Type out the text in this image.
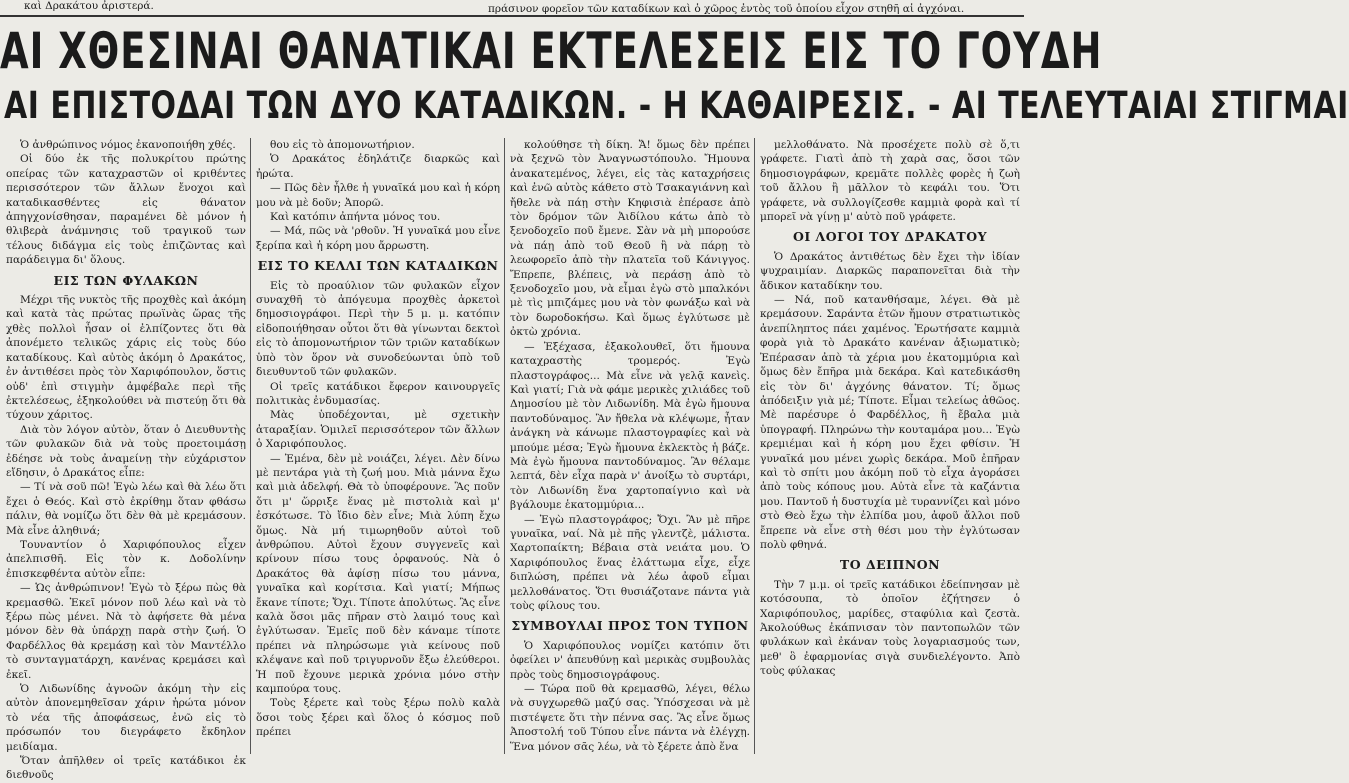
καὶ Δρακάτου ἀριστερά.	πράσινον φορεῖον τῶν καταδίκων καὶ ὁ χῶρος ἐντὸς τοῦ ὁποίου εἶχον στηθῆ αἱ ἀγχόναι.
ΑΙ ΧΘΕΣΙΝΑΙ ΘΑΝΑΤΙΚΑΙ ΕΚΤΕΛΕΣΕΙΣ ΕΙΣ ΤΟ ΓΟΥΔΗ
ΑΙ ΕΠΙΣΤΟΔΑΙ ΤΩΝ ΔΥΟ ΚΑΤΑΔΙΚΩΝ. - Η ΚΑΘΑΙΡΕΣΙΣ. - ΑΙ ΤΕΛΕΥΤΑΙΑΙ ΣΤΙΓΜΑΙ

Ὁ ἀνθρώπινος νόμος ἐκανοποιήθη χθές.

Οἱ δύο ἐκ τῆς πολυκρίτου πρώτης οπείρας τῶν καταχραστῶν οἱ κριθέντες περισσότερον τῶν ἄλλων ἔνοχοι καὶ καταδικασθέντες εἰς θάνατον ἀπηγχονίσθησαν, παραμένει δὲ μόνον ἡ θλιβερὰ ἀνάμνησις τοῦ τραγικοῦ των τέλους διδάγμα εἰς τοὺς ἐπιζῶντας καὶ παράδειγμα δι' ὅλους.

ΕΙΣ ΤΩΝ ΦΥΛΑΚΩΝ

Μέχρι τῆς νυκτὸς τῆς προχθὲς καὶ ἀκόμη καὶ κατὰ τὰς πρώτας πρωϊνὰς ὥρας τῆς χθὲς πολλοὶ ἦσαν οἱ ἐλπίζοντες ὅτι θὰ ἀπονέμετο τελικῶς χάρις εἰς τοὺς δύο καταδίκους. Καὶ αὐτὸς ἀκόμη ὁ Δρακάτος, ἐν ἀντιθέσει πρὸς τὸν Χαριφόπουλον, ὅστις οὐδ' ἐπὶ στιγμὴν ἀμφέβαλε περὶ τῆς ἐκτελέσεως, ἐξηκολούθει νὰ πιστεύῃ ὅτι θὰ τύχουν χάριτος.

Διὰ τὸν λόγον αὐτὸν, ὅταν ὁ Διευθυντὴς τῶν φυλακῶν διὰ νὰ τοὺς προετοιμάσῃ ἐδέησε νὰ τοὺς ἀναμείνῃ τὴν εὐχάριστον εἴδησιν, ὁ Δρακάτος εἶπε:

— Τί νὰ σοῦ πῶ! Ἐγὼ λέω καὶ θὰ λέω ὅτι ἔχει ὁ Θεός. Καὶ στὸ ἐκρίθημ ὅταν φθάσω πάλιν, θὰ νομίζω ὅτι δὲν θὰ μὲ κρεμάσουν. Μὰ εἶνε ἀληθινά;

Τουναντίον ὁ Χαριφόπουλος εἶχεν ἀπελπισθῆ. Εἰς τὸν κ. Δοδολίνην ἐπισκεφθέντα αὐτὸν εἶπε:

— Ὡς ἀνθρώπινον! Ἐγὼ τὸ ξέρω πὼς θὰ κρεμασθῶ. Ἐκεῖ μόνον ποῦ λέω καὶ νὰ τὸ ξέρω πὼς μένει. Νὰ τὸ ἀφήσετε θὰ μένα μόνον δὲν θὰ ὑπάρχῃ παρὰ στὴν ζωή. Ὁ Φαρδέλλος θὰ κρεμάσῃ καὶ τὸν Μαντέλλο τὸ συνταγματάρχη, κανένας κρεμάσει καὶ ἐκεῖ.

Ὁ Λιδωνίδης ἀγνοῶν ἀκόμη τὴν εἰς αὐτὸν ἀπονεμηθεῖσαν χάριν ἠρώτα μόνον τὸ νέα τῆς ἀποφάσεως, ἐνῶ εἰς τὸ πρόσωπόν του διεγράφετο ἔκδηλον μειδίαμα.

Ὅταν ἀπῆλθεν οἱ τρεῖς κατάδικοι ἐκ διεθνοῦς

θου εἰς τὸ ἀπομονωτήριον.

Ὁ Δρακάτος ἐδηλάτιζε διαρκῶς καὶ ἠρώτα.

— Πῶς δὲν ἦλθε ἡ γυναῖκά μου καὶ ἡ κόρη μου νὰ μὲ δοῦν; Ἀπορῶ.

Καὶ κατόπιν ἀπήντα μόνος του.

— Μά, πῶς νὰ 'ρθοῦν. Ἡ γυναῖκά μου εἶνε ξερίπα καὶ ἡ κόρη μου ἄρρωστη.

ΕΙΣ ΤΟ ΚΕΛΛΙ ΤΩΝ ΚΑΤΑΔΙΚΩΝ

Εἰς τὸ προαύλιον τῶν φυλακῶν εἶχον συναχθῆ τὸ ἀπόγευμα προχθὲς ἀρκετοὶ δημοσιογράφοι. Περὶ τὴν 5 μ. μ. κατόπιν εἰδοποιήθησαν οὗτοι ὅτι θὰ γίνωνται δεκτοὶ εἰς τὸ ἀπομονωτήριον τῶν τριῶν καταδίκων ὑπὸ τὸν ὅρον νὰ συνοδεύωνται ὑπὸ τοῦ διευθυντοῦ τῶν φυλακῶν.

Οἱ τρεῖς κατάδικοι ἔφερον καινουργεῖς πολιτικὰς ἐνδυμασίας.

Μὰς ὑποδέχονται, μὲ σχετικὴν ἀταραξίαν. Ὁμιλεῖ περισσότερον τῶν ἄλλων ὁ Χαριφόπουλος.

— Ἐμένα, δὲν μὲ νοιάζει, λέγει. Δὲν δίνω μὲ πεντάρα γιὰ τὴ ζωή μου. Μιὰ μάννα ἔχω καὶ μιὰ ἀδελφή. Θὰ τὸ ὑποφέρουνε. Ἂς ποῦν ὅτι μ' ὥρριξε ἕνας μὲ πιστολιὰ καὶ μ' ἐσκότωσε. Τὸ ἴδιο δὲν εἶνε; Μιὰ λύπη ἔχω ὅμως. Νὰ μή τιμωρηθοῦν αὐτοὶ τοῦ ἀνθρώπου. Αὐτοὶ ἔχουν συγγενεῖς καὶ κρίνουν πίσω τους ὀρφανούς. Νὰ ὁ Δρακάτος θὰ ἀφίσῃ πίσω του μάννα, γυναῖκα καὶ κορίτσια. Καὶ γιατί; Μήπως ἔκανε τίποτε; Ὄχι. Τίποτε ἀπολύτως. Ἂς εἶνε καλὰ ὅσοι μᾶς πῆραν στὸ λαιμό τους καὶ ἐγλύτωσαν. Ἐμεῖς ποῦ δὲν κάναμε τίποτε πρέπει νὰ πληρώσωμε γιὰ κείνους ποῦ κλέψανε καὶ ποῦ τριγυρνοῦν ἔξω ἐλεύθεροι. Ἡ ποῦ ἔχουνε μερικὰ χρόνια μόνο στὴν καμπούρα τους.

Τοὺς ξέρετε καὶ τοὺς ξέρω πολὺ καλὰ ὅσοι τοὺς ξέρει καὶ ὅλος ὁ κόσμος ποῦ πρέπει

κολούθησε τὴ δίκη. Ἄ! ὅμως δὲν πρέπει νὰ ξεχνῶ τὸν Ἀναγνωστόπουλο. Ἤμουνα ἀνακατεμένος, λέγει, εἰς τὰς καταχρήσεις καὶ ἐνῶ αὐτὸς κάθετο στὸ Τσακαγιάννη καὶ ἤθελε νὰ πάῃ στὴν Κηφισιὰ ἐπέρασε ἀπὸ τὸν δρόμον τῶν Ἀιδίλου κάτω ἀπὸ τὸ ξενοδοχεῖο ποῦ ἔμενε. Σὰν νὰ μὴ μπορούσε νὰ πάῃ ἀπὸ τοῦ Θεοῦ ἢ νὰ πάρῃ τὸ λεωφορεῖο ἀπὸ τὴν πλατεῖα τοῦ Κάνιγγος. Ἔπρεπε, βλέπεις, νὰ περάσῃ ἀπὸ τὸ ξενοδοχεῖο μου, νὰ εἶμαι ἐγὼ στὸ μπαλκόνι μὲ τὶς μπιζάμες μου νὰ τὸν φωνάξω καὶ νὰ τὸν δωροδοκήσω. Καὶ ὅμως ἐγλύτωσε μὲ ὀκτὼ χρόνια.

— Ἐξέχασα, ἐξακολουθεῖ, ὅτι ἤμουνα καταχραστὴς τρομερός. Ἐγὼ πλαστογράφος... Μὰ εἶνε νὰ γελᾷ κανεὶς. Καὶ γιατί; Γιὰ νὰ φάμε μερικὲς χιλιάδες τοῦ Δημοσίου μὲ τὸν Λιδωνίδη. Μὰ ἐγὼ ἤμουνα παντοδύναμος. Ἂν ἤθελα νὰ κλέψωμε, ἦταν ἀνάγκη νὰ κάνωμε πλαστογραφίες καὶ νὰ μπούμε μέσα; Ἐγὼ ἤμουνα ἐκλεκτὸς ἡ βάζε. Μὰ ἐγὼ ἤμουνα παντοδύναμος. Ἂν θέλαμε λεπτά, δὲν εἶχα παρὰ ν' ἀνοίξω τὸ συρτάρι, τὸν Λιδωνίδη ἕνα χαρτοπαίγνιο καὶ νὰ βγάλουμε ἑκατομμύρια...

— Ἐγὼ πλαστογράφος; Ὄχι. Ἂν μὲ πῆρε γυναῖκα, ναί. Νὰ μὲ πῆς γλεντζὲ, μάλιστα. Χαρτοπαίκτη; Βέβαια στὰ νειάτα μου. Ὁ Χαριφόπουλος ἕνας ἐλάττωμα εἶχε, εἶχε διπλώση, πρέπει νὰ λέω ἀφοῦ εἶμαι μελλοθάνατος. Ὅτι θυσιάζοτανε πάντα γιὰ τοὺς φίλους του.

ΣΥΜΒΟΥΛΑΙ ΠΡΟΣ ΤΟΝ ΤΥΠΟΝ

Ὁ Χαριφόπουλος νομίζει κατόπιν ὅτι ὀφείλει ν' ἀπευθύνῃ καὶ μερικὰς συμβουλὰς πρὸς τοὺς δημοσιογράφους.

— Τώρα ποῦ θὰ κρεμασθῶ, λέγει, θέλω νὰ συγχωρεθῶ μαζύ σας. Ὑπόσχεσαι νὰ μὲ πιστέψετε ὅτι τὴν πέννα σας. Ἂς εἶνε ὅμως Ἀποστολή τοῦ Τύπου εἶνε πάντα νὰ ἐλέγχῃ. Ἕνα μόνον σᾶς λέω, νὰ τὸ ξέρετε ἀπὸ ἕνα

μελλοθάνατο. Νὰ προσέχετε πολὺ σὲ ὅ,τι γράφετε. Γιατὶ ἀπὸ τὴ χαρὰ σας, ὅσοι τῶν δημοσιογράφων, κρεμᾶτε πολλὲς φορὲς ἡ ζωὴ τοῦ ἄλλου ἢ μᾶλλον τὸ κεφάλι του. Ὅτι γράφετε, νὰ συλλογίζεσθε καμμιὰ φορὰ καὶ τί μπορεῖ νὰ γίνῃ μ' αὐτὸ ποῦ γράφετε.

ΟΙ ΛΟΓΟΙ ΤΟΥ ΔΡΑΚΑΤΟΥ

Ὁ Δρακάτος ἀντιθέτως δὲν ἔχει τὴν ἰδίαν ψυχραιμίαν. Διαρκῶς παραπονεῖται διὰ τὴν ἄδικον καταδίκην του.

— Νά, ποῦ κατανθήσαμε, λέγει. Θὰ μὲ κρεμάσουν. Σαράντα ἐτῶν ἤμουν στρατιωτικὸς ἀνεπίληπτος πάει χαμένος. Ἐρωτήσατε καμμιὰ φορὰ γιὰ τὸ Δρακάτο κανέναν ἀξιωματικὸ; Ἐπέρασαν ἀπὸ τὰ χέρια μου ἑκατομμύρια καὶ ὅμως δὲν ἔπῆρα μιὰ δεκάρα. Καὶ κατεδικάσθη εἰς τὸν δι' ἀγχόνης θάνατον. Τί; ὅμως ἀπόδειξιν γιὰ μέ; Τίποτε. Εἶμαι τελείως ἀθῶος. Μὲ παρέσυρε ὁ Φαρδέλλος, ἢ ἔβαλα μιὰ ὑπογραφή. Πληρώνω τὴν κουταμάρα μου... Ἐγὼ κρεμιέμαι καὶ ἡ κόρη μου ἔχει φθίσιν. Ἡ γυναῖκά μου μένει χωρὶς δεκάρα. Μοῦ ἐπῆραν καὶ τὸ σπίτι μου ἀκόμη ποῦ τὸ εἶχα ἀγοράσει ἀπὸ τοὺς κόπους μου. Αὐτὰ εἶνε τὰ καζάντια μου. Παντοῦ ἡ δυστυχία μὲ τυραννίζει καὶ μόνο στὸ Θεὸ ἔχω τὴν ἐλπίδα μου, ἀφοῦ ἄλλοι ποῦ ἔπρεπε νὰ εἶνε στὴ θέσι μου τὴν ἐγλύτωσαν πολὺ φθηνά.

ΤΟ ΔΕΙΠΝΟΝ

Τὴν 7 μ.μ. οἱ τρεῖς κατάδικοι ἐδείπνησαν μὲ κοτόσουπα, τὸ ὁποῖον ἐζήτησεν ὁ Χαριφόπουλος, μαρίδες, σταφύλια καὶ ζεστὰ. Ἀκολούθως ἐκάπνισαν τὸν παντοπωλῶν τῶν φυλάκων καὶ ἐκάναν τοὺς λογαριασμούς των, μεθ' ὃ ἐφαρμονίας σιγὰ συνδιελέγοντο. Ἀπὸ τοὺς φύλακας
